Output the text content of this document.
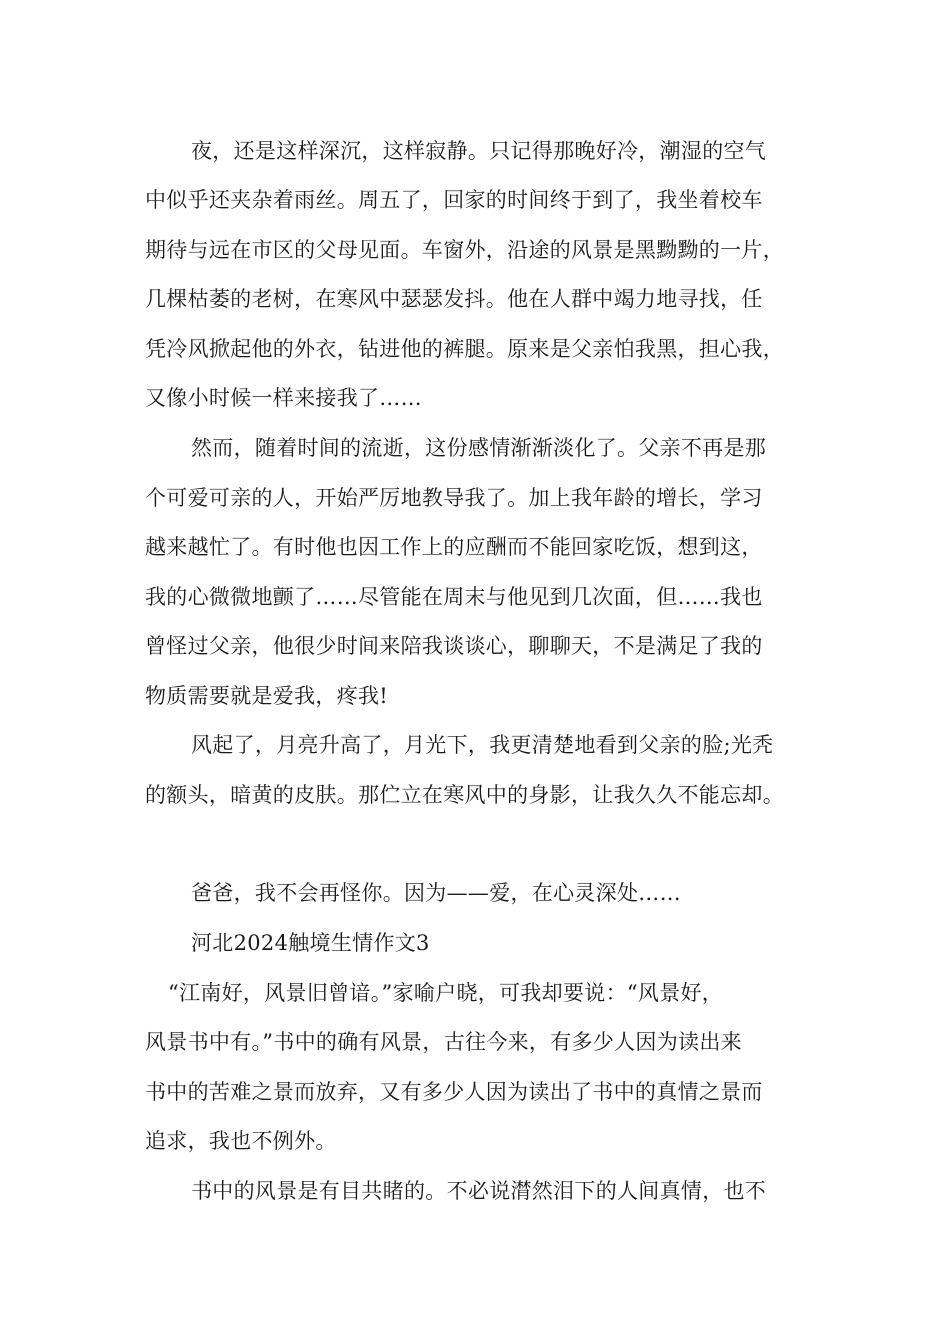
夜，还是这样深沉，这样寂静。只记得那晚好冷，潮湿的空气
中似乎还夹杂着雨丝。周五了，回家的时间终于到了，我坐着校车
期待与远在市区的父母见面。车窗外，沿途的风景是黑黝黝的一片，
几棵枯萎的老树，在寒风中瑟瑟发抖。他在人群中竭力地寻找，任
凭冷风掀起他的外衣，钻进他的裤腿。原来是父亲怕我黑，担心我，
又像小时候一样来接我了……
然而，随着时间的流逝，这份感情渐渐淡化了。父亲不再是那
个可爱可亲的人，开始严厉地教导我了。加上我年龄的增长，学习
越来越忙了。有时他也因工作上的应酬而不能回家吃饭，想到这，
我的心微微地颤了……尽管能在周末与他见到几次面，但……我也
曾怪过父亲，他很少时间来陪我谈谈心，聊聊天，不是满足了我的
物质需要就是爱我，疼我!
风起了，月亮升高了，月光下，我更清楚地看到父亲的脸;光秃
的额头，暗黄的皮肤。那伫立在寒风中的身影，让我久久不能忘却。
爸爸，我不会再怪你。因为——爱，在心灵深处……
河北2024触境生情作文3
“江南好，风景旧曾谙。”家喻户晓，可我却要说：“风景好，
风景书中有。”书中的确有风景，古往今来，有多少人因为读出来
书中的苦难之景而放弃，又有多少人因为读出了书中的真情之景而
追求，我也不例外。
书中的风景是有目共睹的。不必说潸然泪下的人间真情，也不
